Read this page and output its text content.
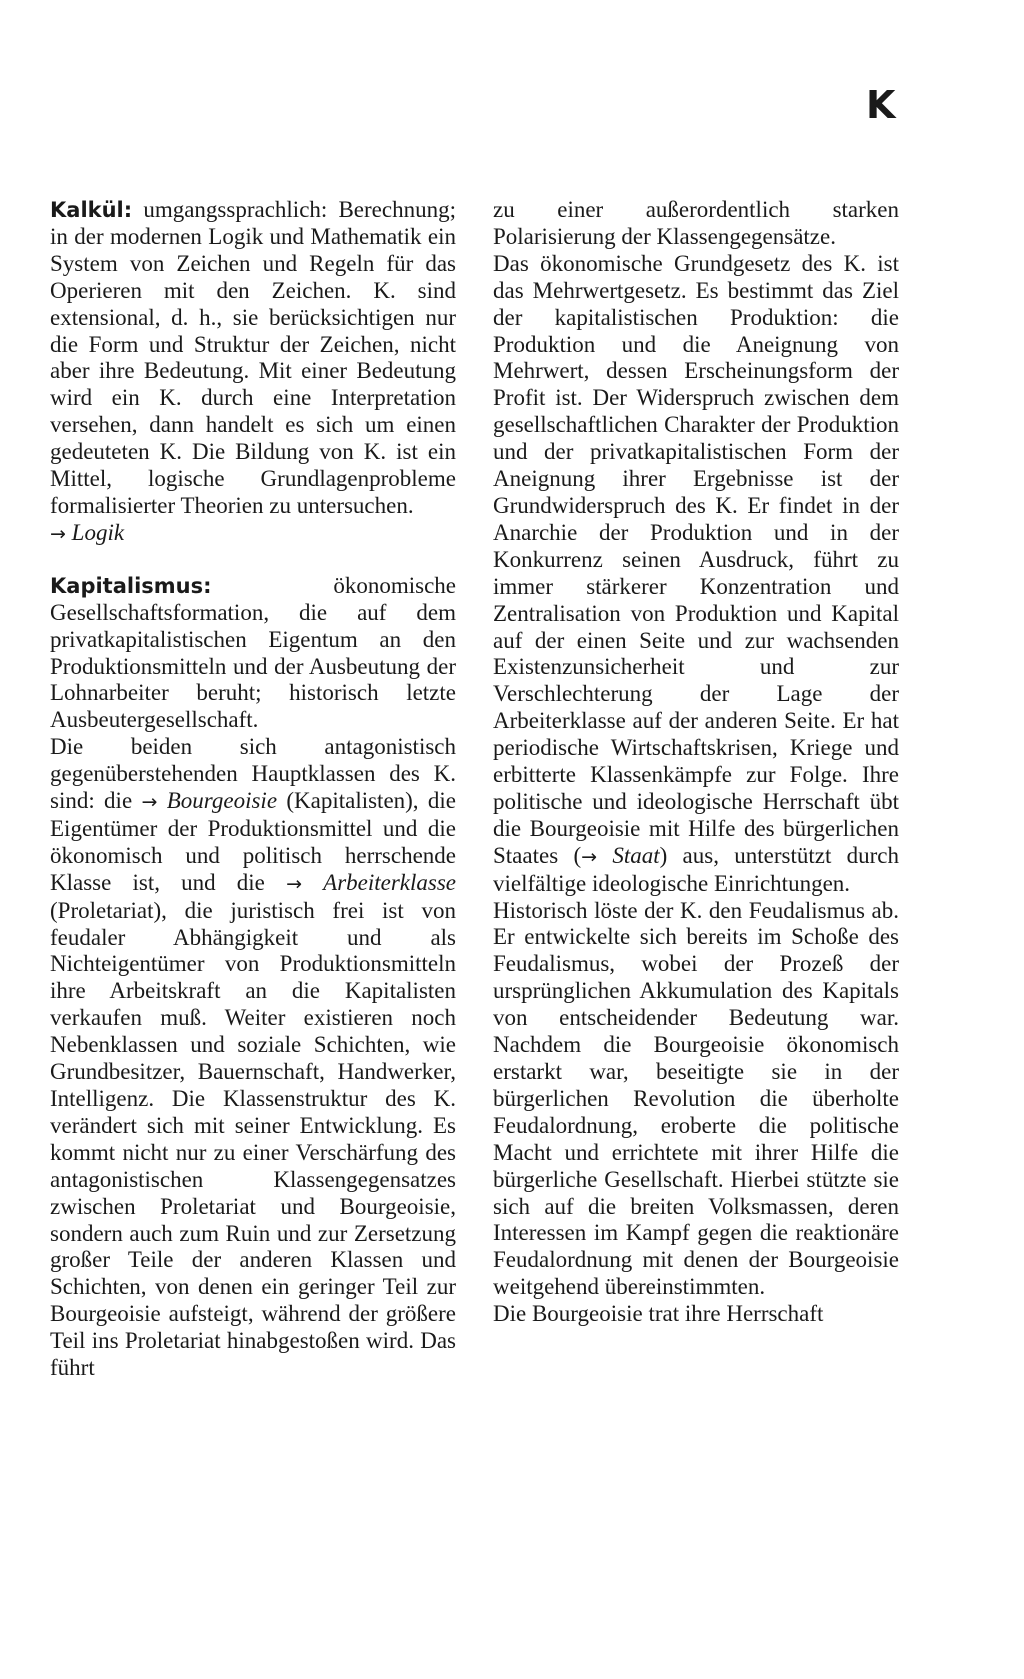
K

Kalkül: umgangssprachlich: Berechnung; in der modernen Logik und Mathematik ein System von Zeichen und Regeln für das Operieren mit den Zeichen. K. sind extensional, d. h., sie berücksichtigen nur die Form und Struktur der Zeichen, nicht aber ihre Bedeutung. Mit einer Bedeutung wird ein K. durch eine Interpretation versehen, dann handelt es sich um einen gedeuteten K. Die Bildung von K. ist ein Mittel, logische Grundlagenprobleme formalisierter Theorien zu untersuchen.
→ Logik

Kapitalismus: ökonomische Gesellschaftsformation, die auf dem privatkapitalistischen Eigentum an den Produktionsmitteln und der Ausbeutung der Lohnarbeiter beruht; historisch letzte Ausbeutergesellschaft.

Die beiden sich antagonistisch gegenüberstehenden Hauptklassen des K. sind: die → Bourgeoisie (Kapitalisten), die Eigentümer der Produktionsmittel und die ökonomisch und politisch herrschende Klasse ist, und die → Arbeiterklasse (Proletariat), die juristisch frei ist von feudaler Abhängigkeit und als Nichteigentümer von Produktionsmitteln ihre Arbeitskraft an die Kapitalisten verkaufen muß. Weiter existieren noch Nebenklassen und soziale Schichten, wie Grundbesitzer, Bauernschaft, Handwerker, Intelligenz. Die Klassenstruktur des K. verändert sich mit seiner Entwicklung. Es kommt nicht nur zu einer Verschärfung des antagonistischen Klassengegensatzes zwischen Proletariat und Bourgeoisie, sondern auch zum Ruin und zur Zersetzung großer Teile der anderen Klassen und Schichten, von denen ein geringer Teil zur Bourgeoisie aufsteigt, während der größere Teil ins Proletariat hinabgestoßen wird. Das führt

zu einer außerordentlich starken Polarisierung der Klassengegensätze.

Das ökonomische Grundgesetz des K. ist das Mehrwertgesetz. Es bestimmt das Ziel der kapitalistischen Produktion: die Produktion und die Aneignung von Mehrwert, dessen Erscheinungsform der Profit ist. Der Widerspruch zwischen dem gesellschaftlichen Charakter der Produktion und der privatkapitalistischen Form der Aneignung ihrer Ergebnisse ist der Grundwiderspruch des K. Er findet in der Anarchie der Produktion und in der Konkurrenz seinen Ausdruck, führt zu immer stärkerer Konzentration und Zentralisation von Produktion und Kapital auf der einen Seite und zur wachsenden Existenzunsicherheit und zur Verschlechterung der Lage der Arbeiterklasse auf der anderen Seite. Er hat periodische Wirtschaftskrisen, Kriege und erbitterte Klassenkämpfe zur Folge. Ihre politische und ideologische Herrschaft übt die Bourgeoisie mit Hilfe des bürgerlichen Staates (→ Staat) aus, unterstützt durch vielfältige ideologische Einrichtungen.

Historisch löste der K. den Feudalismus ab. Er entwickelte sich bereits im Schoße des Feudalismus, wobei der Prozeß der ursprünglichen Akkumulation des Kapitals von entscheidender Bedeutung war. Nachdem die Bourgeoisie ökonomisch erstarkt war, beseitigte sie in der bürgerlichen Revolution die überholte Feudalordnung, eroberte die politische Macht und errichtete mit ihrer Hilfe die bürgerliche Gesellschaft. Hierbei stützte sie sich auf die breiten Volksmassen, deren Interessen im Kampf gegen die reaktionäre Feudalordnung mit denen der Bourgeoisie weitgehend übereinstimmten.

Die Bourgeoisie trat ihre Herrschaft
